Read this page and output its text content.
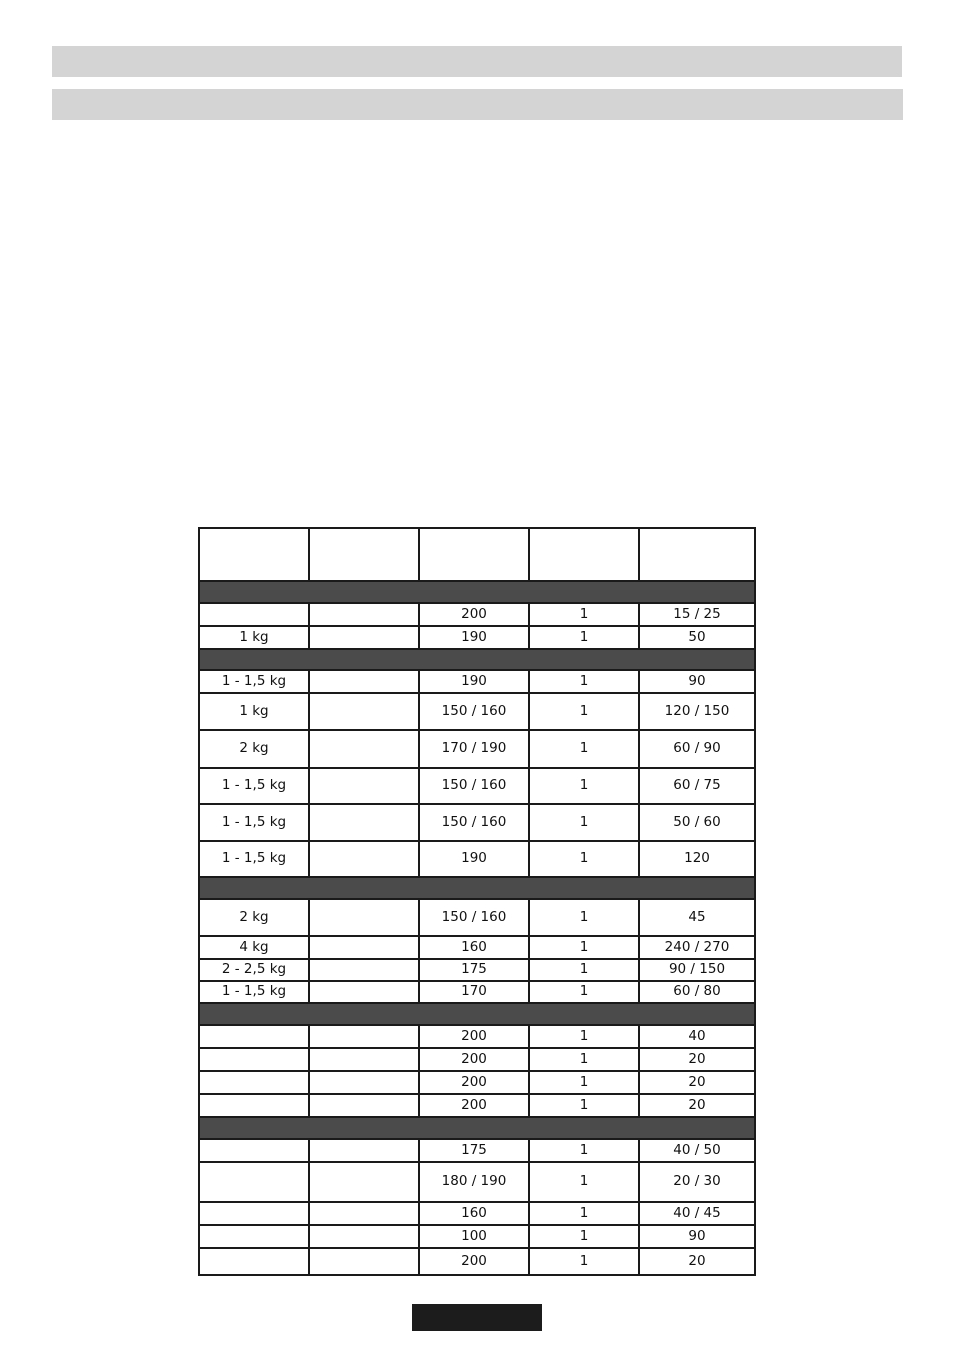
		200	1	15 / 25
1 kg		190	1	50

1 - 1,5 kg		190	1	90
1 kg		150 / 160	1	120 / 150
2 kg		170 / 190	1	60 / 90
1 - 1,5 kg		150 / 160	1	60 / 75
1 - 1,5 kg		150 / 160	1	50 / 60
1 - 1,5 kg		190	1	120

2 kg		150 / 160	1	45
4 kg		160	1	240 / 270
2 - 2,5 kg		175	1	90 / 150
1 - 1,5 kg		170	1	60 / 80

		200	1	40
		200	1	20
		200	1	20
		200	1	20

		175	1	40 / 50
		180 / 190	1	20 / 30
		160	1	40 / 45
		100	1	90
		200	1	20
